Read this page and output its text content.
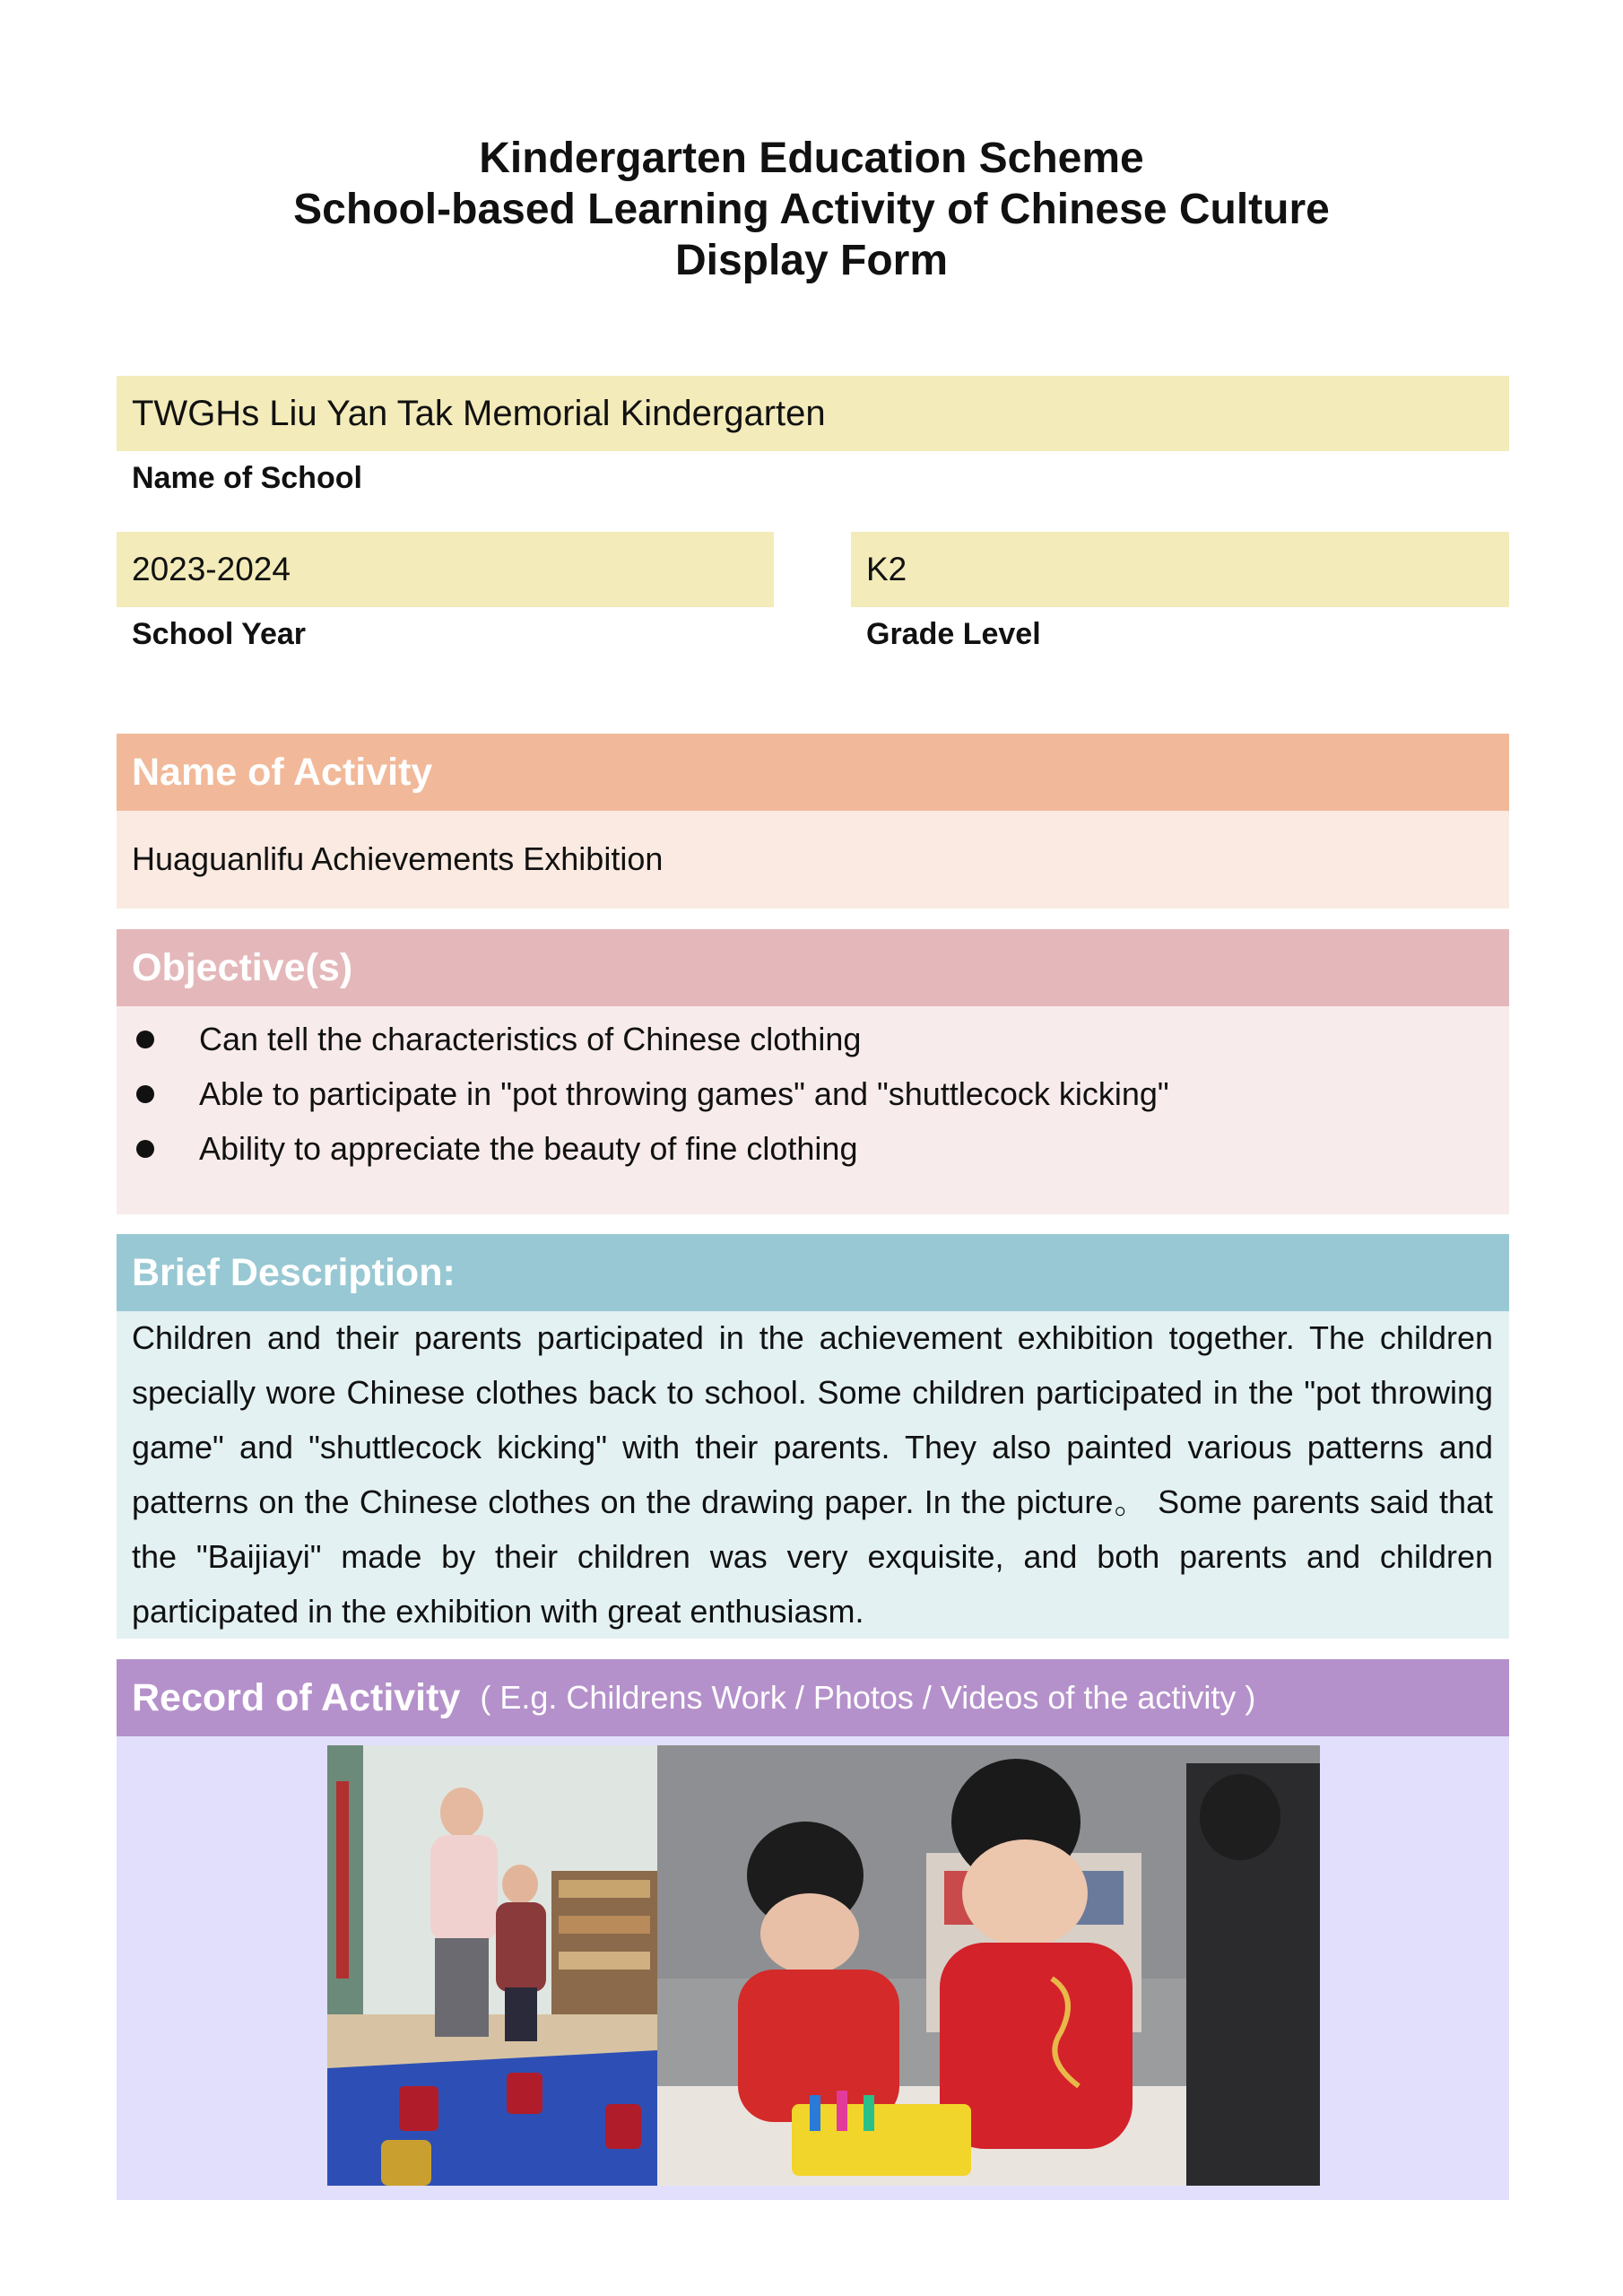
Kindergarten Education Scheme
School-based Learning Activity of Chinese Culture
Display Form
TWGHs Liu Yan Tak Memorial Kindergarten
Name of School
2023-2024
School Year
K2
Grade Level
Name of Activity
Huaguanlifu Achievements Exhibition
Objective(s)
Can tell the characteristics of Chinese clothing
Able to participate in "pot throwing games" and "shuttlecock kicking"
Ability to appreciate the beauty of fine clothing
Brief Description:
Children and their parents participated in the achievement exhibition together. The children specially wore Chinese clothes back to school. Some children participated in the "pot throwing game" and "shuttlecock kicking" with their parents. They also painted various patterns and patterns on the Chinese clothes on the drawing paper. In the picture。 Some parents said that the "Baijiayi" made by their children was very exquisite, and both parents and children participated in the exhibition with great enthusiasm.
Record of Activity ( E.g. Childrens Work / Photos / Videos of the activity )
